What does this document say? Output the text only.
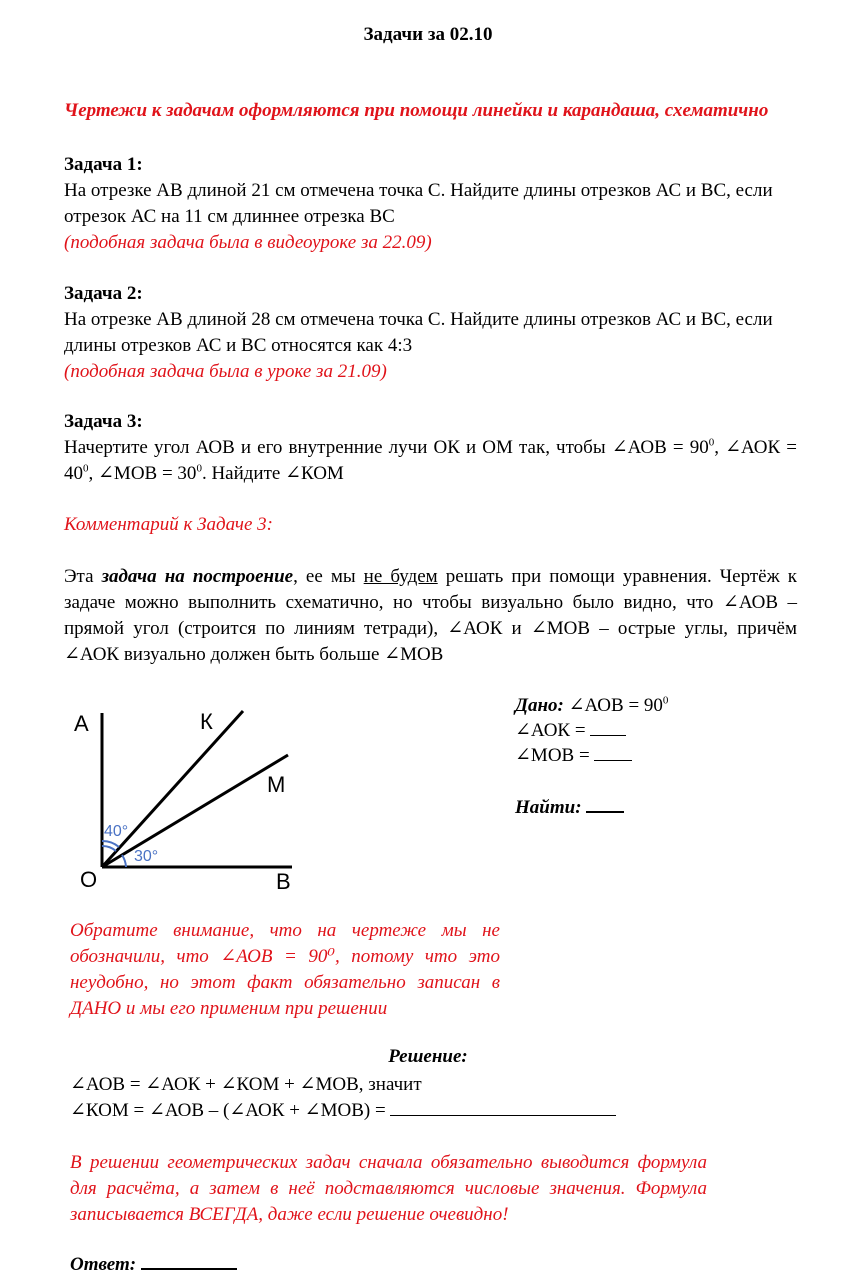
Задачи за 02.10
Чертежи к задачам оформляются при помощи линейки и карандаша, схематично
Задача 1:
На отрезке АВ длиной 21 см отмечена точка С. Найдите длины отрезков АС и ВС, если отрезок АС на 11 см длиннее отрезка ВС
(подобная задача была в видеоуроке за 22.09)
Задача 2:
На отрезке АВ длиной 28 см отмечена точка С. Найдите длины отрезков АС и ВС, если длины отрезков АС и ВС относятся как 4:3
(подобная задача была в уроке за 21.09)
Задача 3:
Начертите угол АОВ и его внутренние лучи ОК и ОМ так, чтобы ∠АОВ = $90^0$, ∠АОК = $40^0$, ∠МОВ = $30^0$. Найдите ∠КОМ
Комментарий к Задаче 3:
Эта задача на построение, ее мы не будем решать при помощи уравнения. Чертёж к задаче можно выполнить схематично, но чтобы визуально было видно, что ∠АОВ – прямой угол (строится по линиям тетради), ∠АОК и ∠МОВ – острые углы, причём ∠АОК визуально должен быть больше ∠МОВ
А	К
М
О	В
40°
30°
Дано: ∠АОВ = $90^0$
∠АОК =
∠МОВ =
Найти:
Обратите внимание, что на чертеже мы не обозначили, что ∠АОВ = 90⁰, потому что это неудобно, но этот факт обязательно записан в ДАНО и мы его применим при решении
Решение:
∠АОВ = ∠АОК + ∠КОМ + ∠МОВ, значит
∠КОМ = ∠АОВ – (∠АОК + ∠МОВ) =
В решении геометрических задач сначала обязательно выводится формула для расчёта, а затем в неё подставляются числовые значения. Формула записывается ВСЕГДА, даже если решение очевидно!
Ответ:
